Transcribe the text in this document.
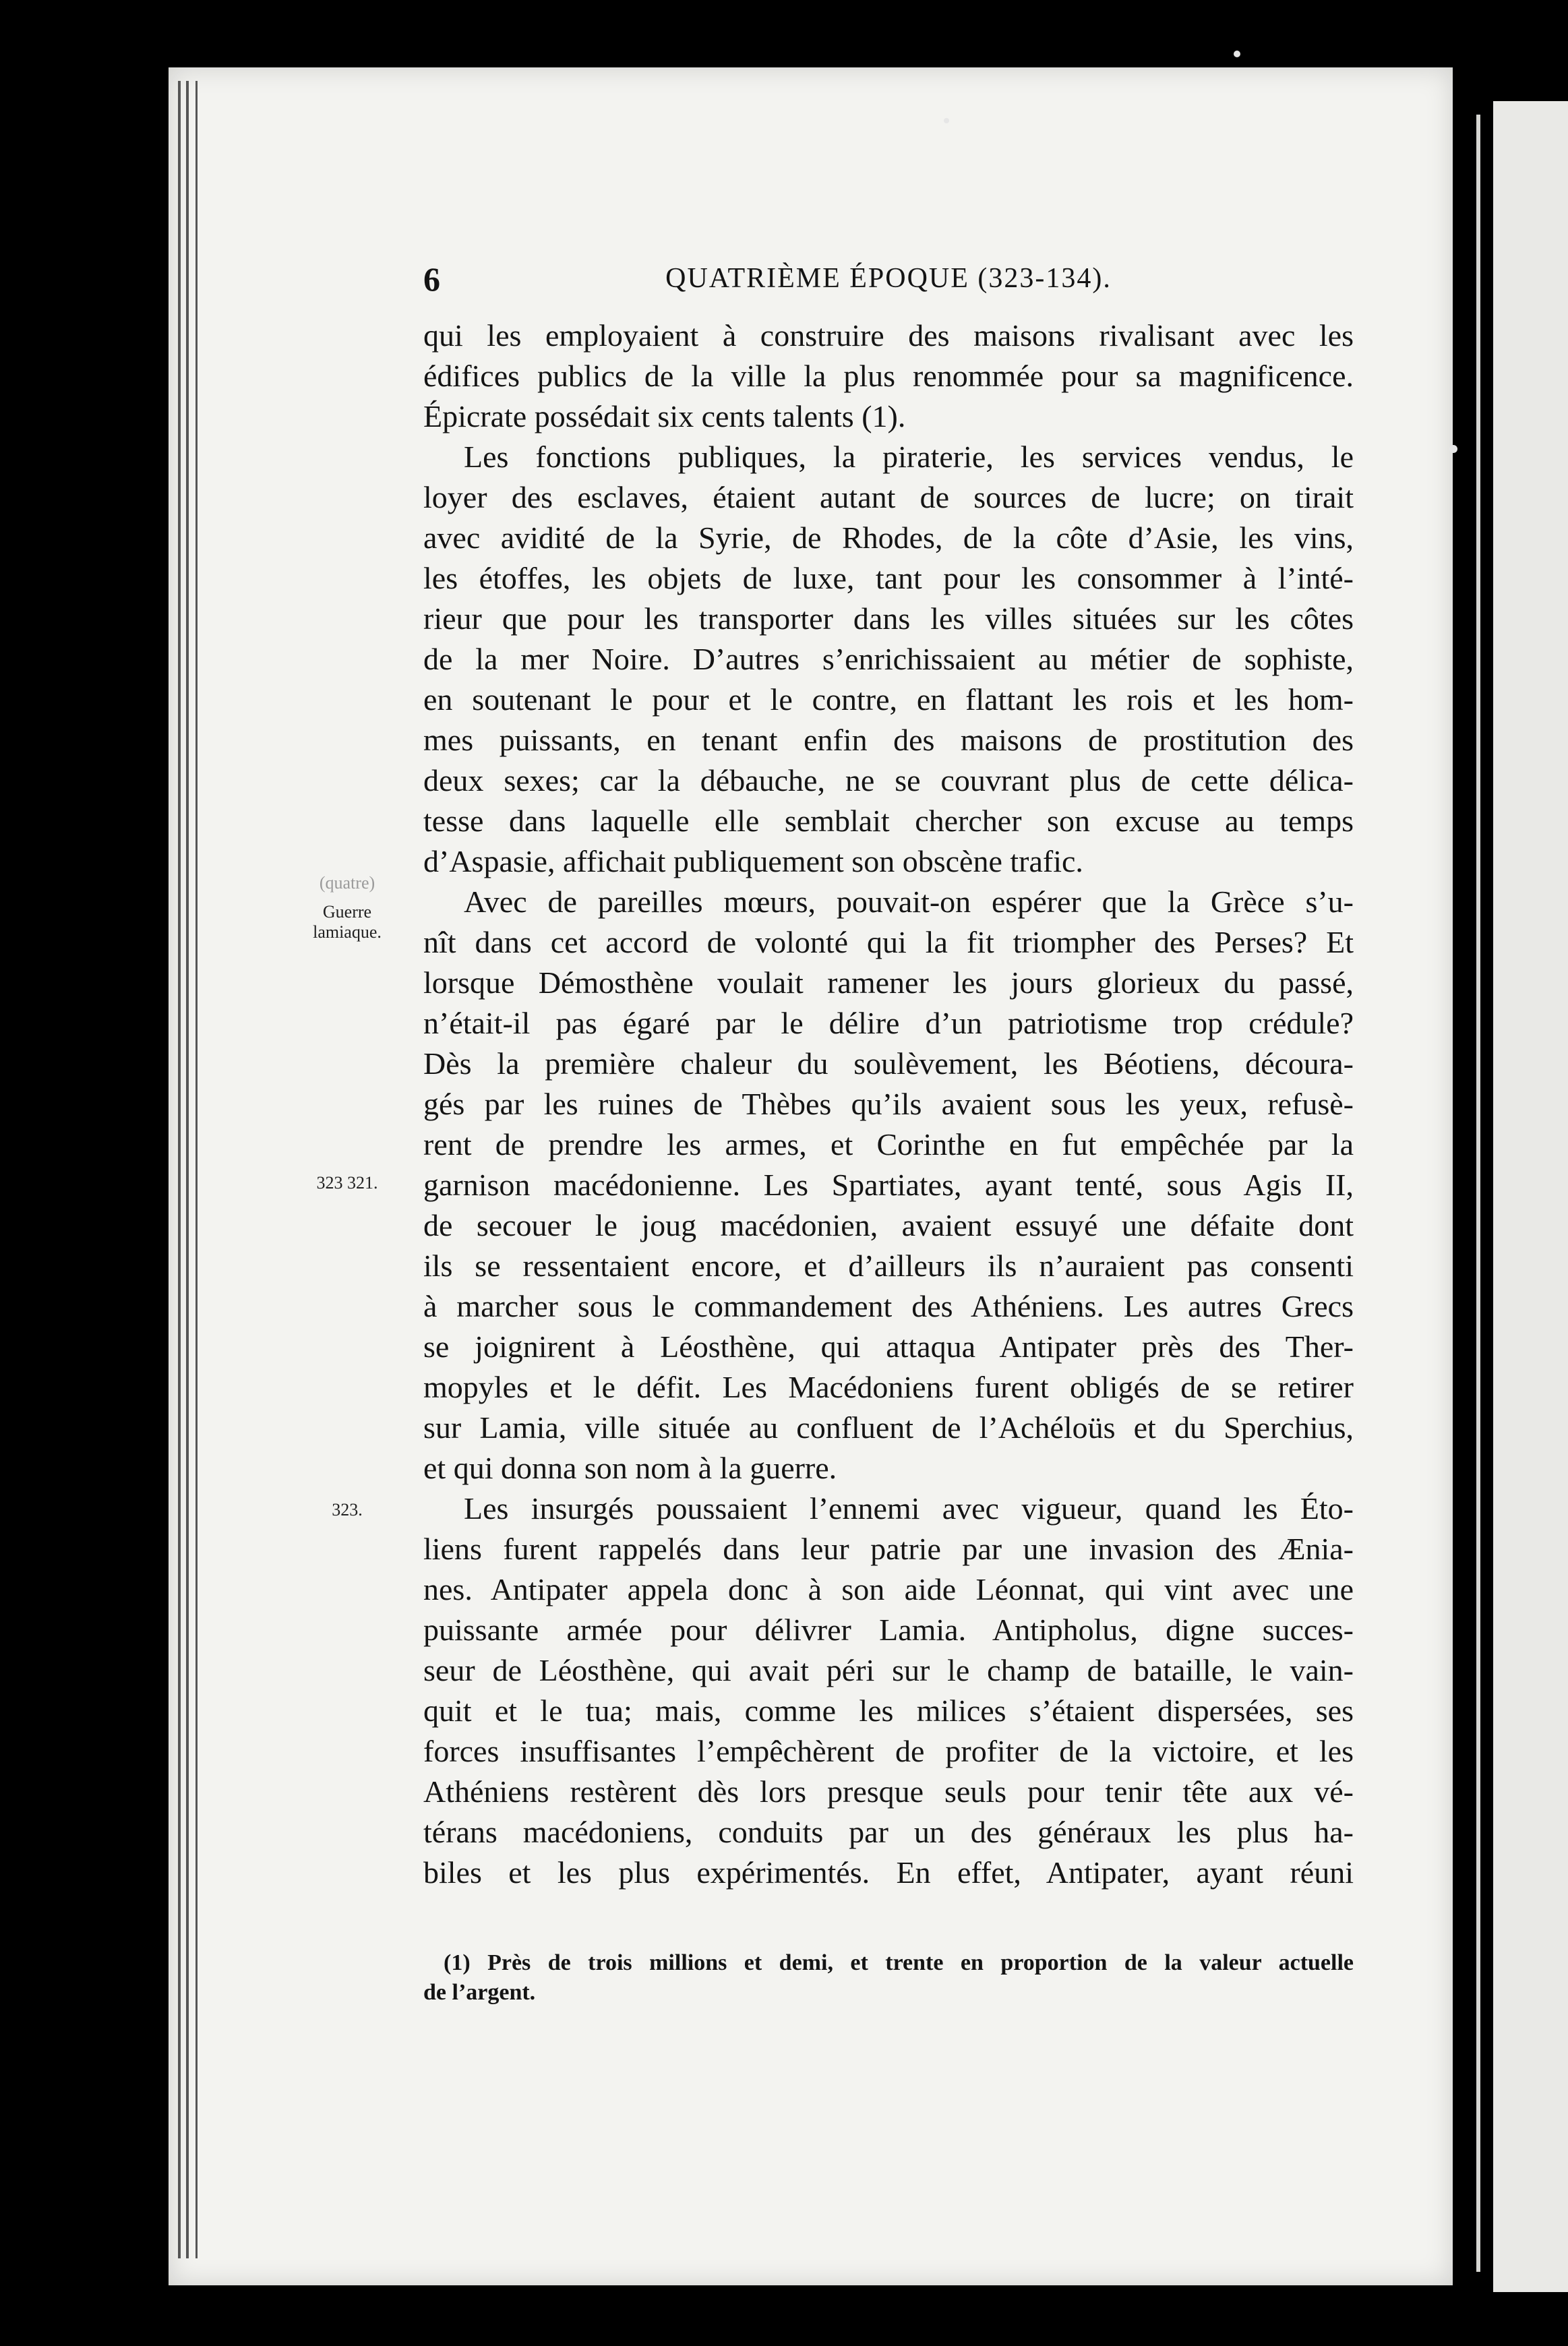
6	QUATRIÈME ÉPOQUE (323-134).
(quatre)
Guerre
lamiaque.
323 321.
323.
qui les employaient à construire des maisons rivalisant avec les
édifices publics de la ville la plus renommée pour sa magnificence.
Épicrate possédait six cents talents (1).
Les fonctions publiques, la piraterie, les services vendus, le
loyer des esclaves, étaient autant de sources de lucre; on tirait
avec avidité de la Syrie, de Rhodes, de la côte d’Asie, les vins,
les étoffes, les objets de luxe, tant pour les consommer à l’inté-
rieur que pour les transporter dans les villes situées sur les côtes
de la mer Noire. D’autres s’enrichissaient au métier de sophiste,
en soutenant le pour et le contre, en flattant les rois et les hom-
mes puissants, en tenant enfin des maisons de prostitution des
deux sexes; car la débauche, ne se couvrant plus de cette délica-
tesse dans laquelle elle semblait chercher son excuse au temps
d’Aspasie, affichait publiquement son obscène trafic.
Avec de pareilles mœurs, pouvait-on espérer que la Grèce s’u-
nît dans cet accord de volonté qui la fit triompher des Perses? Et
lorsque Démosthène voulait ramener les jours glorieux du passé,
n’était-il pas égaré par le délire d’un patriotisme trop crédule?
Dès la première chaleur du soulèvement, les Béotiens, découra-
gés par les ruines de Thèbes qu’ils avaient sous les yeux, refusè-
rent de prendre les armes, et Corinthe en fut empêchée par la
garnison macédonienne. Les Spartiates, ayant tenté, sous Agis II,
de secouer le joug macédonien, avaient essuyé une défaite dont
ils se ressentaient encore, et d’ailleurs ils n’auraient pas consenti
à marcher sous le commandement des Athéniens. Les autres Grecs
se joignirent à Léosthène, qui attaqua Antipater près des Ther-
mopyles et le défit. Les Macédoniens furent obligés de se retirer
sur Lamia, ville située au confluent de l’Achéloüs et du Sperchius,
et qui donna son nom à la guerre.
Les insurgés poussaient l’ennemi avec vigueur, quand les Éto-
liens furent rappelés dans leur patrie par une invasion des Ænia-
nes. Antipater appela donc à son aide Léonnat, qui vint avec une
puissante armée pour délivrer Lamia. Antipholus, digne succes-
seur de Léosthène, qui avait péri sur le champ de bataille, le vain-
quit et le tua; mais, comme les milices s’étaient dispersées, ses
forces insuffisantes l’empêchèrent de profiter de la victoire, et les
Athéniens restèrent dès lors presque seuls pour tenir tête aux vé-
térans macédoniens, conduits par un des généraux les plus ha-
biles et les plus expérimentés. En effet, Antipater, ayant réuni
(1) Près de trois millions et demi, et trente en proportion de la valeur actuelle
de l’argent.
